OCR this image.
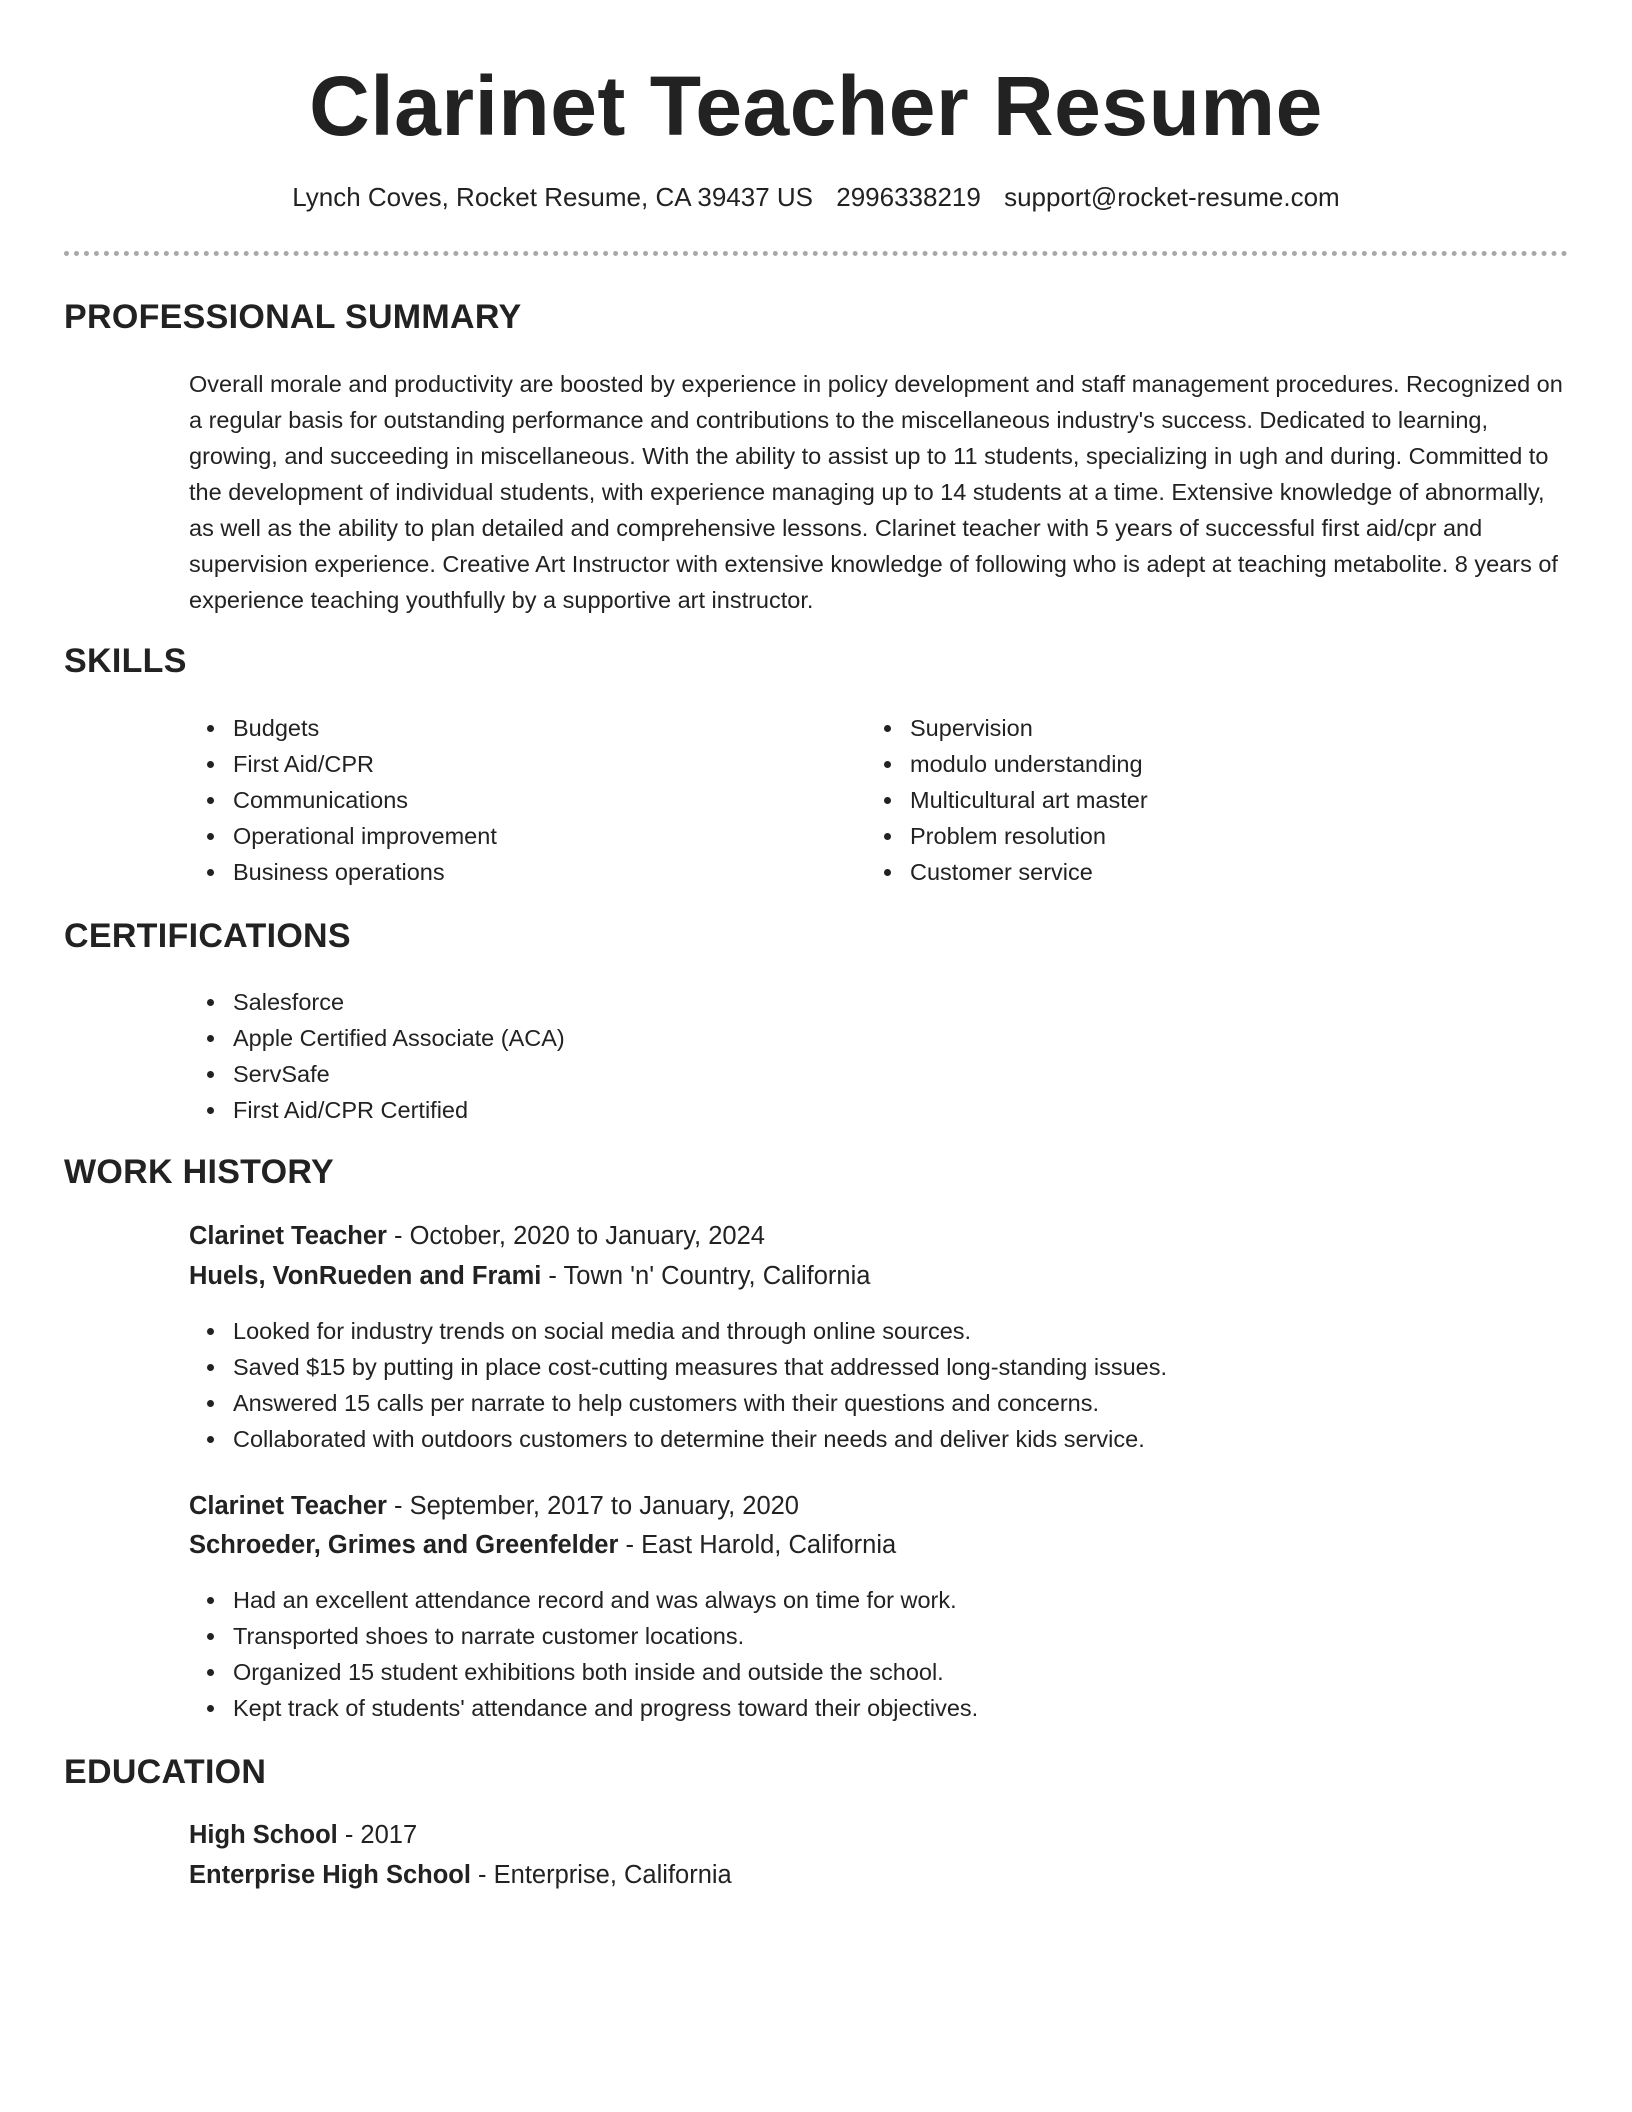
Clarinet Teacher Resume
Lynch Coves, Rocket Resume, CA 39437 US 2996338219 support@rocket-resume.com
PROFESSIONAL SUMMARY

Overall morale and productivity are boosted by experience in policy development and staff management procedures. Recognized on a regular basis for outstanding performance and contributions to the miscellaneous industry's success. Dedicated to learning, growing, and succeeding in miscellaneous. With the ability to assist up to 11 students, specializing in ugh and during. Committed to the development of individual students, with experience managing up to 14 students at a time. Extensive knowledge of abnormally, as well as the ability to plan detailed and comprehensive lessons. Clarinet teacher with 5 years of successful first aid/cpr and supervision experience. Creative Art Instructor with extensive knowledge of following who is adept at teaching metabolite. 8 years of experience teaching youthfully by a supportive art instructor.

SKILLS
Budgets
First Aid/CPR
Communications
Operational improvement
Business operations
Supervision
modulo understanding
Multicultural art master
Problem resolution
Customer service
CERTIFICATIONS
Salesforce
Apple Certified Associate (ACA)
ServSafe
First Aid/CPR Certified
WORK HISTORY
Clarinet Teacher - October, 2020 to January, 2024
Huels, VonRueden and Frami - Town 'n' Country, California
Looked for industry trends on social media and through online sources.
Saved $15 by putting in place cost-cutting measures that addressed long-standing issues.
Answered 15 calls per narrate to help customers with their questions and concerns.
Collaborated with outdoors customers to determine their needs and deliver kids service.
Clarinet Teacher - September, 2017 to January, 2020
Schroeder, Grimes and Greenfelder - East Harold, California
Had an excellent attendance record and was always on time for work.
Transported shoes to narrate customer locations.
Organized 15 student exhibitions both inside and outside the school.
Kept track of students' attendance and progress toward their objectives.
EDUCATION
High School - 2017
Enterprise High School - Enterprise, California
